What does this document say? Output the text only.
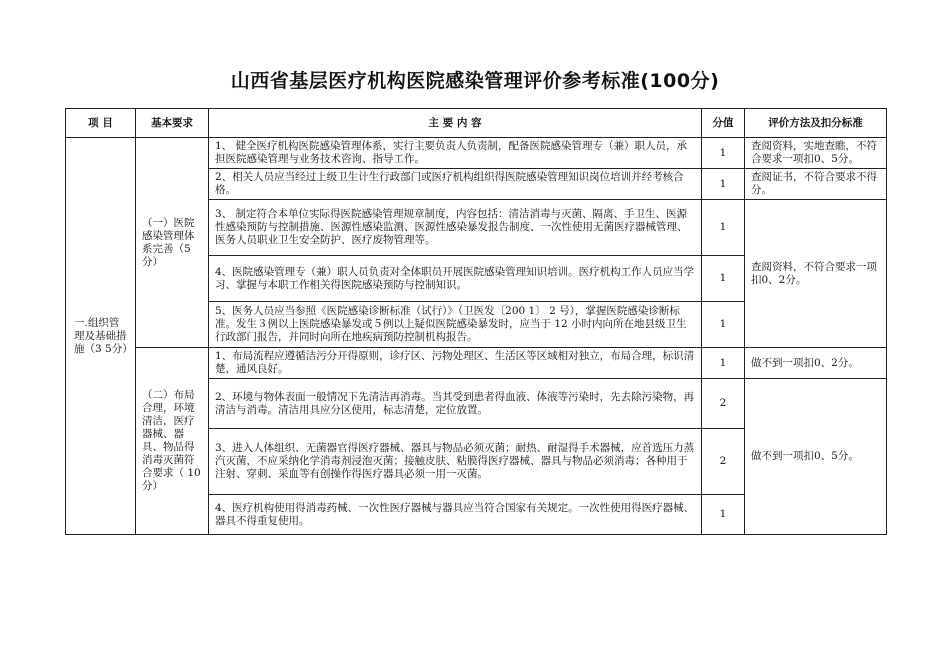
山西省基层医疗机构医院感染管理评价参考标准(100分)
项 目	基本要求	主 要 内 容	分值	评价方法及扣分标准
一.组织管理及基础措施（3 5分）	（一）医院感染管理体系完善（5分）	1、 健全医疗机构医院感染管理体系，实行主要负责人负责制，配备医院感染管理专（兼）职人员，承担医院感染管理与业务技术咨询、指导工作。	1	查阅资料，实地查瞧，不符合要求一项扣0、5分。
		2、相关人员应当经过上级卫生计生行政部门或医疗机构组织得医院感染管理知识岗位培训并经考核合格。	1	查阅证书，不符合要求不得分。
		3、 制定符合本单位实际得医院感染管理规章制度，内容包括：清洁消毒与灭菌、隔离、手卫生、医源性感染预防与控制措施、医源性感染监测、医源性感染暴发报告制度、一次性使用无菌医疗器械管理、医务人员职业卫生安全防护、医疗废物管理等。	1	查阅资料，不符合要求一项扣0、2分。
		4、医院感染管理专（兼）职人员负责对全体职员开展医院感染管理知识培训。医疗机构工作人员应当学习、掌握与本职工作相关得医院感染预防与控制知识。	1	
		5、医务人员应当参照《医院感染诊断标准（试行）》（卫医发〔200 1〕 2 号），掌握医院感染诊断标准。发生３例以上医院感染暴发或５例以上疑似医院感染暴发时，应当于 12 小时内向所在地县级卫生行政部门报告，并同时向所在地疾病预防控制机构报告。	1	
	（二）布局合理，环境清洁，医疗器械、器具、物品得消毒灭菌符合要求（ 10分）	1、布局流程应遵循洁污分开得原则，诊疗区、污物处理区、生活区等区域相对独立，布局合理，标识清楚，通风良好。	1	做不到一项扣0、2分。
		2、环境与物体表面一般情况下先清洁再消毒。当其受到患者得血液、体液等污染时，先去除污染物，再清洁与消毒。清洁用具应分区使用，标志清楚，定位放置。	2	做不到一项扣0、5分。
		3、进入人体组织、无菌器官得医疗器械、器具与物品必须灭菌；耐热、耐湿得手术器械，应首选压力蒸汽灭菌，不应采纳化学消毒剂浸泡灭菌；接触皮肤、粘膜得医疗器械、器具与物品必须消毒；各种用于注射、穿刺、采血等有创操作得医疗器具必须一用一灭菌。	2	
		4、医疗机构使用得消毒药械、一次性医疗器械与器具应当符合国家有关规定。一次性使用得医疗器械、器具不得重复使用。	1	
